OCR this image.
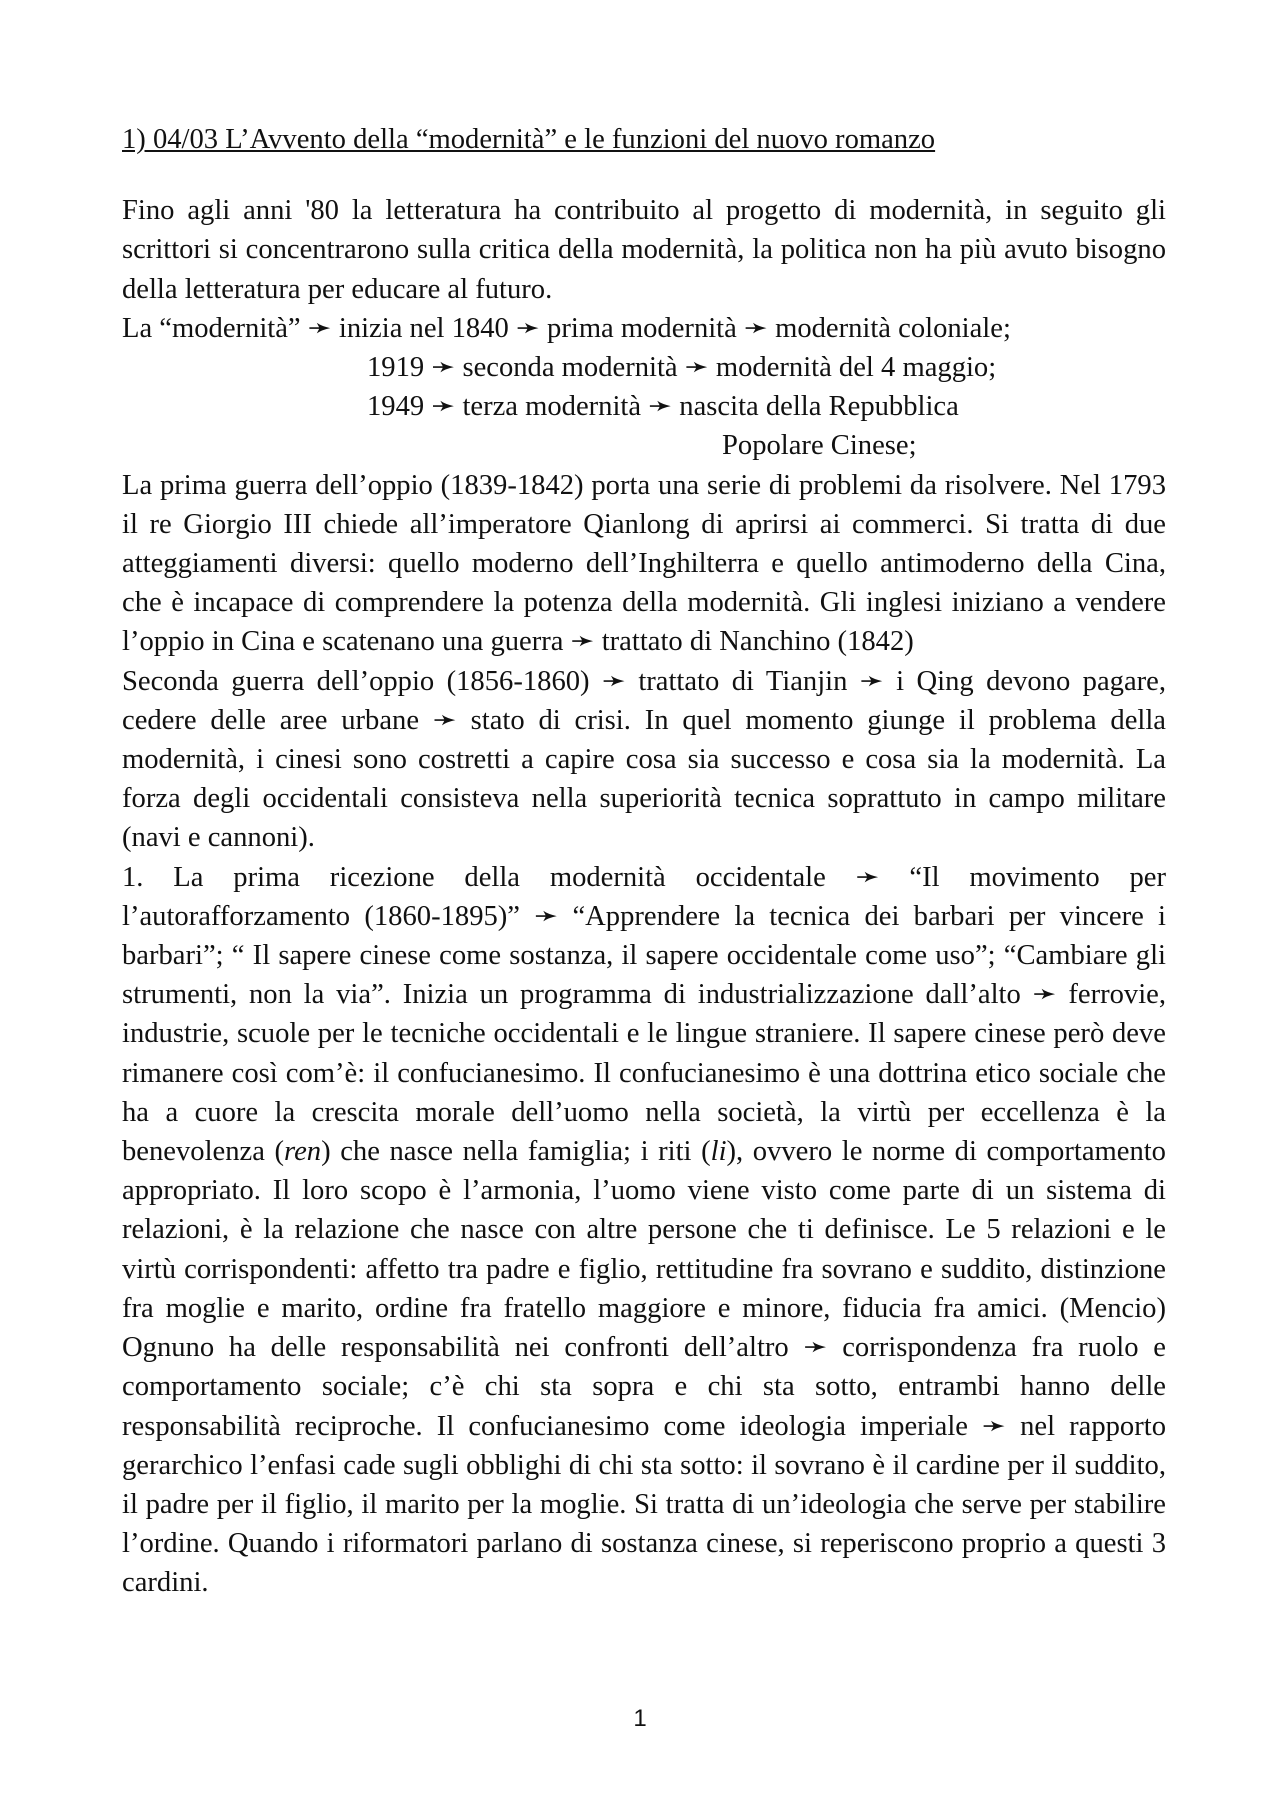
1) 04/03 L’Avvento della “modernità” e le funzioni del nuovo romanzo

Fino agli anni '80 la letteratura ha contribuito al progetto di modernità, in seguito gli scrittori si concentrarono sulla critica della modernità, la politica non ha più avuto bisogno della letteratura per educare al futuro.

La “modernità” ➛ inizia nel 1840 ➛ prima modernità ➛ modernità coloniale;
1919 ➛ seconda modernità ➛ modernità del 4 maggio;
1949 ➛ terza modernità ➛ nascita della Repubblica
Popolare Cinese;

La prima guerra dell’oppio (1839-1842) porta una serie di problemi da risolvere. Nel 1793 il re Giorgio III chiede all’imperatore Qianlong di aprirsi ai commerci. Si tratta di due atteggiamenti diversi: quello moderno dell’Inghilterra e quello antimoderno della Cina, che è incapace di comprendere la potenza della modernità. Gli inglesi iniziano a vendere l’oppio in Cina e scatenano una guerra ➛ trattato di Nanchino (1842)

Seconda guerra dell’oppio (1856-1860) ➛ trattato di Tianjin ➛ i Qing devono pagare, cedere delle aree urbane ➛ stato di crisi. In quel momento giunge il problema della modernità, i cinesi sono costretti a capire cosa sia successo e cosa sia la modernità. La forza degli occidentali consisteva nella superiorità tecnica soprattuto in campo militare (navi e cannoni).

1. La prima ricezione della modernità occidentale ➛ “Il movimento per l’autorafforzamento (1860-1895)” ➛ “Apprendere la tecnica dei barbari per vincere i barbari”; “ Il sapere cinese come sostanza, il sapere occidentale come uso”; “Cambiare gli strumenti, non la via”. Inizia un programma di industrializzazione dall’alto ➛ ferrovie, industrie, scuole per le tecniche occidentali e le lingue straniere. Il sapere cinese però deve rimanere così com’è: il confucianesimo. Il confucianesimo è una dottrina etico sociale che ha a cuore la crescita morale dell’uomo nella società, la virtù per eccellenza è la benevolenza (ren) che nasce nella famiglia; i riti (li), ovvero le norme di comportamento appropriato. Il loro scopo è l’armonia, l’uomo viene visto come parte di un sistema di relazioni, è la relazione che nasce con altre persone che ti definisce. Le 5 relazioni e le virtù corrispondenti: affetto tra padre e figlio, rettitudine fra sovrano e suddito, distinzione fra moglie e marito, ordine fra fratello maggiore e minore, fiducia fra amici. (Mencio) Ognuno ha delle responsabilità nei confronti dell’altro ➛ corrispondenza fra ruolo e comportamento sociale; c’è chi sta sopra e chi sta sotto, entrambi hanno delle responsabilità reciproche. Il confucianesimo come ideologia imperiale ➛ nel rapporto gerarchico l’enfasi cade sugli obblighi di chi sta sotto: il sovrano è il cardine per il suddito, il padre per il figlio, il marito per la moglie. Si tratta di un’ideologia che serve per stabilire l’ordine. Quando i riformatori parlano di sostanza cinese, si reperiscono proprio a questi 3 cardini.

1
